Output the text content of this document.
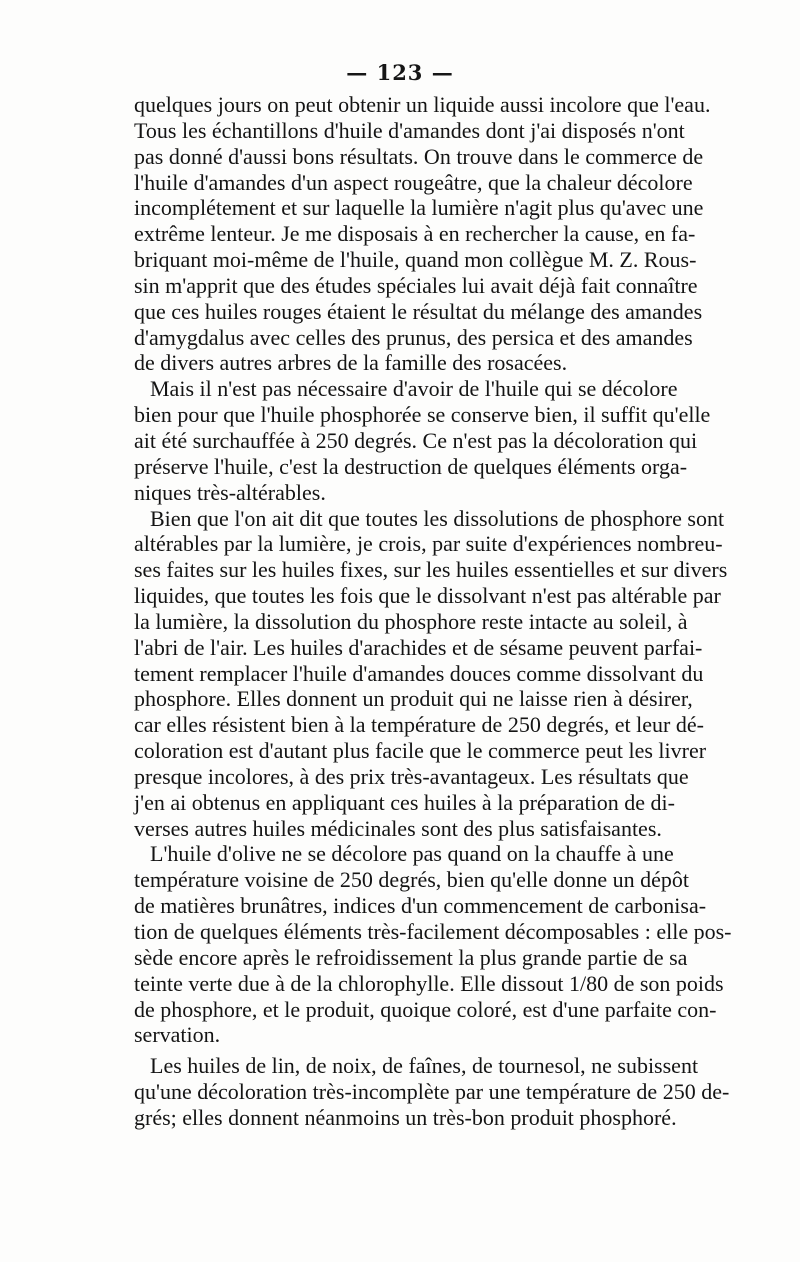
— 123 —
quelques jours on peut obtenir un liquide aussi incolore que l'eau.
Tous les échantillons d'huile d'amandes dont j'ai disposés n'ont
pas donné d'aussi bons résultats. On trouve dans le commerce de
l'huile d'amandes d'un aspect rougeâtre, que la chaleur décolore
incomplétement et sur laquelle la lumière n'agit plus qu'avec une
extrême lenteur. Je me disposais à en rechercher la cause, en fa-
briquant moi-même de l'huile, quand mon collègue M. Z. Rous-
sin m'apprit que des études spéciales lui avait déjà fait connaître
que ces huiles rouges étaient le résultat du mélange des amandes
d'amygdalus avec celles des prunus, des persica et des amandes
de divers autres arbres de la famille des rosacées.
Mais il n'est pas nécessaire d'avoir de l'huile qui se décolore
bien pour que l'huile phosphorée se conserve bien, il suffit qu'elle
ait été surchauffée à 250 degrés. Ce n'est pas la décoloration qui
préserve l'huile, c'est la destruction de quelques éléments orga-
niques très-altérables.
Bien que l'on ait dit que toutes les dissolutions de phosphore sont
altérables par la lumière, je crois, par suite d'expériences nombreu-
ses faites sur les huiles fixes, sur les huiles essentielles et sur divers
liquides, que toutes les fois que le dissolvant n'est pas altérable par
la lumière, la dissolution du phosphore reste intacte au soleil, à
l'abri de l'air. Les huiles d'arachides et de sésame peuvent parfai-
tement remplacer l'huile d'amandes douces comme dissolvant du
phosphore. Elles donnent un produit qui ne laisse rien à désirer,
car elles résistent bien à la température de 250 degrés, et leur dé-
coloration est d'autant plus facile que le commerce peut les livrer
presque incolores, à des prix très-avantageux. Les résultats que
j'en ai obtenus en appliquant ces huiles à la préparation de di-
verses autres huiles médicinales sont des plus satisfaisantes.
L'huile d'olive ne se décolore pas quand on la chauffe à une
température voisine de 250 degrés, bien qu'elle donne un dépôt
de matières brunâtres, indices d'un commencement de carbonisa-
tion de quelques éléments très-facilement décomposables : elle pos-
sède encore après le refroidissement la plus grande partie de sa
teinte verte due à de la chlorophylle. Elle dissout 1/80 de son poids
de phosphore, et le produit, quoique coloré, est d'une parfaite con-
servation.
Les huiles de lin, de noix, de faînes, de tournesol, ne subissent
qu'une décoloration très-incomplète par une température de 250 de-
grés; elles donnent néanmoins un très-bon produit phosphoré.
